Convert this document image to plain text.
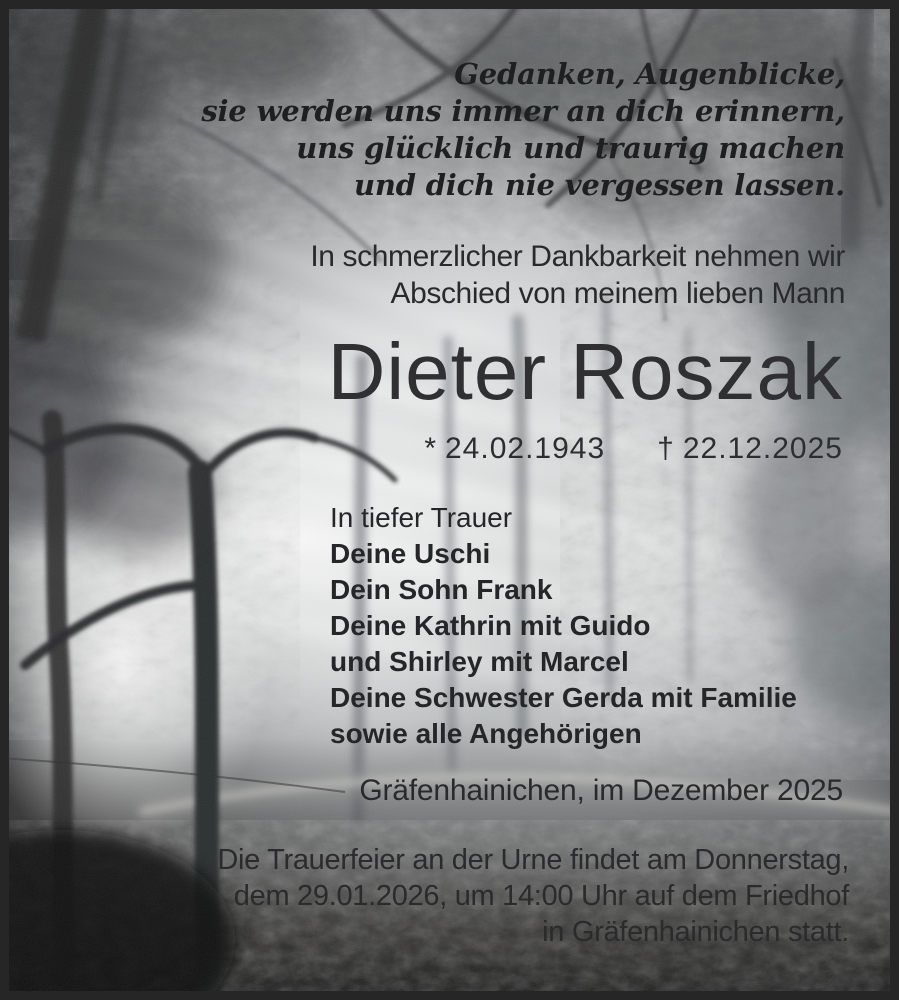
Gedanken, Augenblicke,
sie werden uns immer an dich erinnern,
uns glücklich und traurig machen
und dich nie vergessen lassen.
In schmerzlicher Dankbarkeit nehmen wir
Abschied von meinem lieben Mann
Dieter Roszak
* 24.02.1943 † 22.12.2025
In tiefer Trauer
Deine Uschi
Dein Sohn Frank
Deine Kathrin mit Guido
und Shirley mit Marcel
Deine Schwester Gerda mit Familie
sowie alle Angehörigen
Gräfenhainichen, im Dezember 2025
Die Trauerfeier an der Urne findet am Donnerstag,
dem 29.01.2026, um 14:00 Uhr auf dem Friedhof
in Gräfenhainichen statt.
